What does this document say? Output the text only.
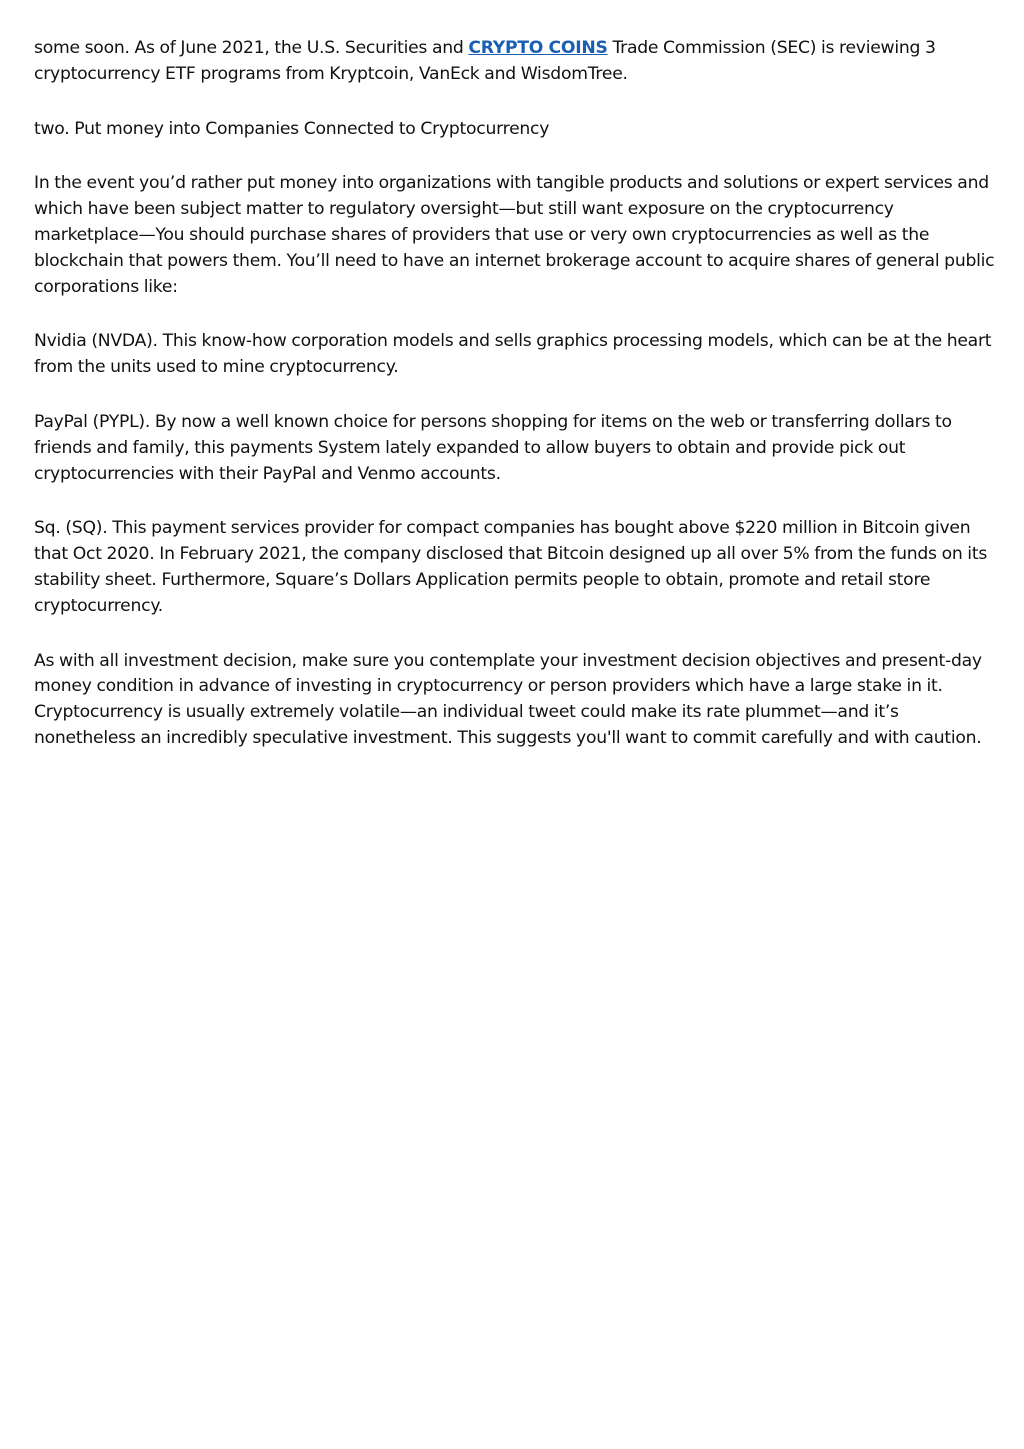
some soon. As of June 2021, the U.S. Securities and CRYPTO COINS Trade Commission (SEC) is reviewing 3 cryptocurrency ETF programs from Kryptcoin, VanEck and WisdomTree.

two. Put money into Companies Connected to Cryptocurrency

In the event you’d rather put money into organizations with tangible products and solutions or expert services and which have been subject matter to regulatory oversight—but still want exposure on the cryptocurrency marketplace—You should purchase shares of providers that use or very own cryptocurrencies as well as the blockchain that powers them. You’ll need to have an internet brokerage account to acquire shares of general public corporations like:

Nvidia (NVDA). This know-how corporation models and sells graphics processing models, which can be at the heart from the units used to mine cryptocurrency.

PayPal (PYPL). By now a well known choice for persons shopping for items on the web or transferring dollars to friends and family, this payments System lately expanded to allow buyers to obtain and provide pick out cryptocurrencies with their PayPal and Venmo accounts.

Sq. (SQ). This payment services provider for compact companies has bought above $220 million in Bitcoin given that Oct 2020. In February 2021, the company disclosed that Bitcoin designed up all over 5% from the funds on its stability sheet. Furthermore, Square’s Dollars Application permits people to obtain, promote and retail store cryptocurrency.

As with all investment decision, make sure you contemplate your investment decision objectives and present-day money condition in advance of investing in cryptocurrency or person providers which have a large stake in it. Cryptocurrency is usually extremely volatile—an individual tweet could make its rate plummet—and it’s nonetheless an incredibly speculative investment. This suggests you'll want to commit carefully and with caution.
